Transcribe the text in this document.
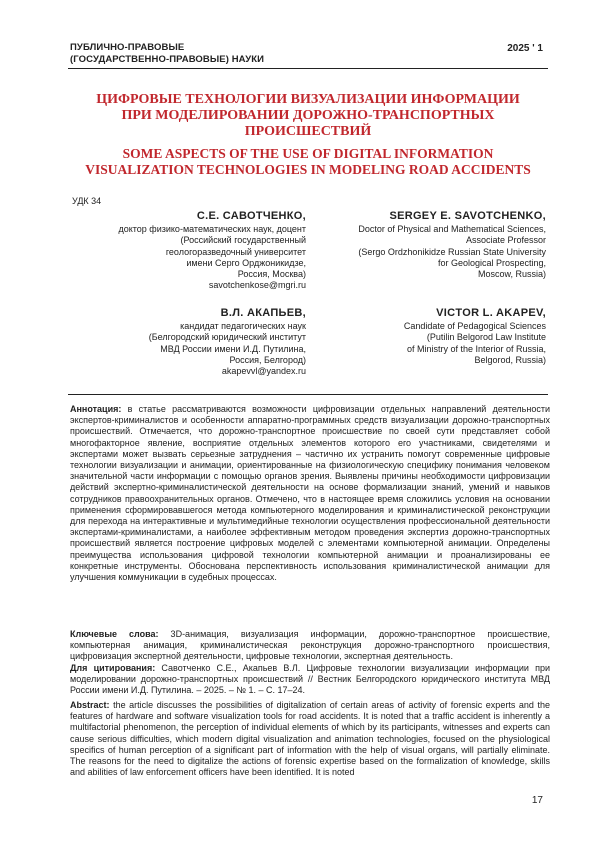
ПУБЛИЧНО-ПРАВОВЫЕ
(ГОСУДАРСТВЕННО-ПРАВОВЫЕ) НАУКИ
2025 ' 1
ЦИФРОВЫЕ ТЕХНОЛОГИИ ВИЗУАЛИЗАЦИИ ИНФОРМАЦИИ
ПРИ МОДЕЛИРОВАНИИ ДОРОЖНО-ТРАНСПОРТНЫХ
ПРОИСШЕСТВИЙ
SOME ASPECTS OF THE USE OF DIGITAL INFORMATION
VISUALIZATION TECHNOLOGIES IN MODELING ROAD ACCIDENTS
УДК 34
С.Е. САВОТЧЕНКО,
доктор физико-математических наук, доцент
(Российский государственный
геологоразведочный университет
имени Серго Орджоникидзе,
Россия, Москва)
savotchenkose@mgri.ru
SERGEY E. SAVOTCHENKO,
Doctor of Physical and Mathematical Sciences,
Associate Professor
(Sergo Ordzhonikidze Russian State University
for Geological Prospecting,
Moscow, Russia)
В.Л. АКАПЬЕВ,
кандидат педагогических наук
(Белгородский юридический институт
МВД России имени И.Д. Путилина,
Россия, Белгород)
akapevvl@yandex.ru
VICTOR L. AKAPEV,
Candidate of Pedagogical Sciences
(Putilin Belgorod Law Institute
of Ministry of the Interior of Russia,
Belgorod, Russia)
Аннотация: в статье рассматриваются возможности цифровизации отдельных направлений деятельности экспертов-криминалистов и особенности аппаратно-программных средств визуализации дорожно-транспортных происшествий. Отмечается, что дорожно-транспортное происшествие по своей сути представляет собой многофакторное явление, восприятие отдельных элементов которого его участниками, свидетелями и экспертами может вызвать серьезные затруднения – частично их устранить помогут современные цифровые технологии визуализации и анимации, ориентированные на физиологическую специфику понимания человеком значительной части информации с помощью органов зрения. Выявлены причины необходимости цифровизации действий экспертно-криминалистической деятельности на основе формализации знаний, умений и навыков сотрудников правоохранительных органов. Отмечено, что в настоящее время сложились условия на основании применения сформировавшегося метода компьютерного моделирования и криминалистической реконструкции для перехода на интерактивные и мультимедийные технологии осуществления профессиональной деятельности экспертами-криминалистами, а наиболее эффективным методом проведения экспертиз дорожно-транспортных происшествий является построение цифровых моделей с элементами компьютерной анимации. Определены преимущества использования цифровой технологии компьютерной анимации и проанализированы ее конкретные инструменты. Обоснована перспективность использования криминалистической анимации для улучшения коммуникации в судебных процессах.
Ключевые слова: 3D-анимация, визуализация информации, дорожно-транспортное происшествие, компьютерная анимация, криминалистическая реконструкция дорожно-транспортного происшествия, цифровизация экспертной деятельности, цифровые технологии, экспертная деятельность.
Для цитирования: Савотченко С.Е., Акапьев В.Л. Цифровые технологии визуализации информации при моделировании дорожно-транспортных происшествий // Вестник Белгородского юридического института МВД России имени И.Д. Путилина. – 2025. – № 1. – С. 17–24.
Abstract: the article discusses the possibilities of digitalization of certain areas of activity of forensic experts and the features of hardware and software visualization tools for road accidents. It is noted that a traffic accident is inherently a multifactorial phenomenon, the perception of individual elements of which by its participants, witnesses and experts can cause serious difficulties, which modern digital visualization and animation technologies, focused on the physiological specifics of human perception of a significant part of information with the help of visual organs, will partially eliminate. The reasons for the need to digitalize the actions of forensic expertise based on the formalization of knowledge, skills and abilities of law enforcement officers have been identified. It is noted
17
